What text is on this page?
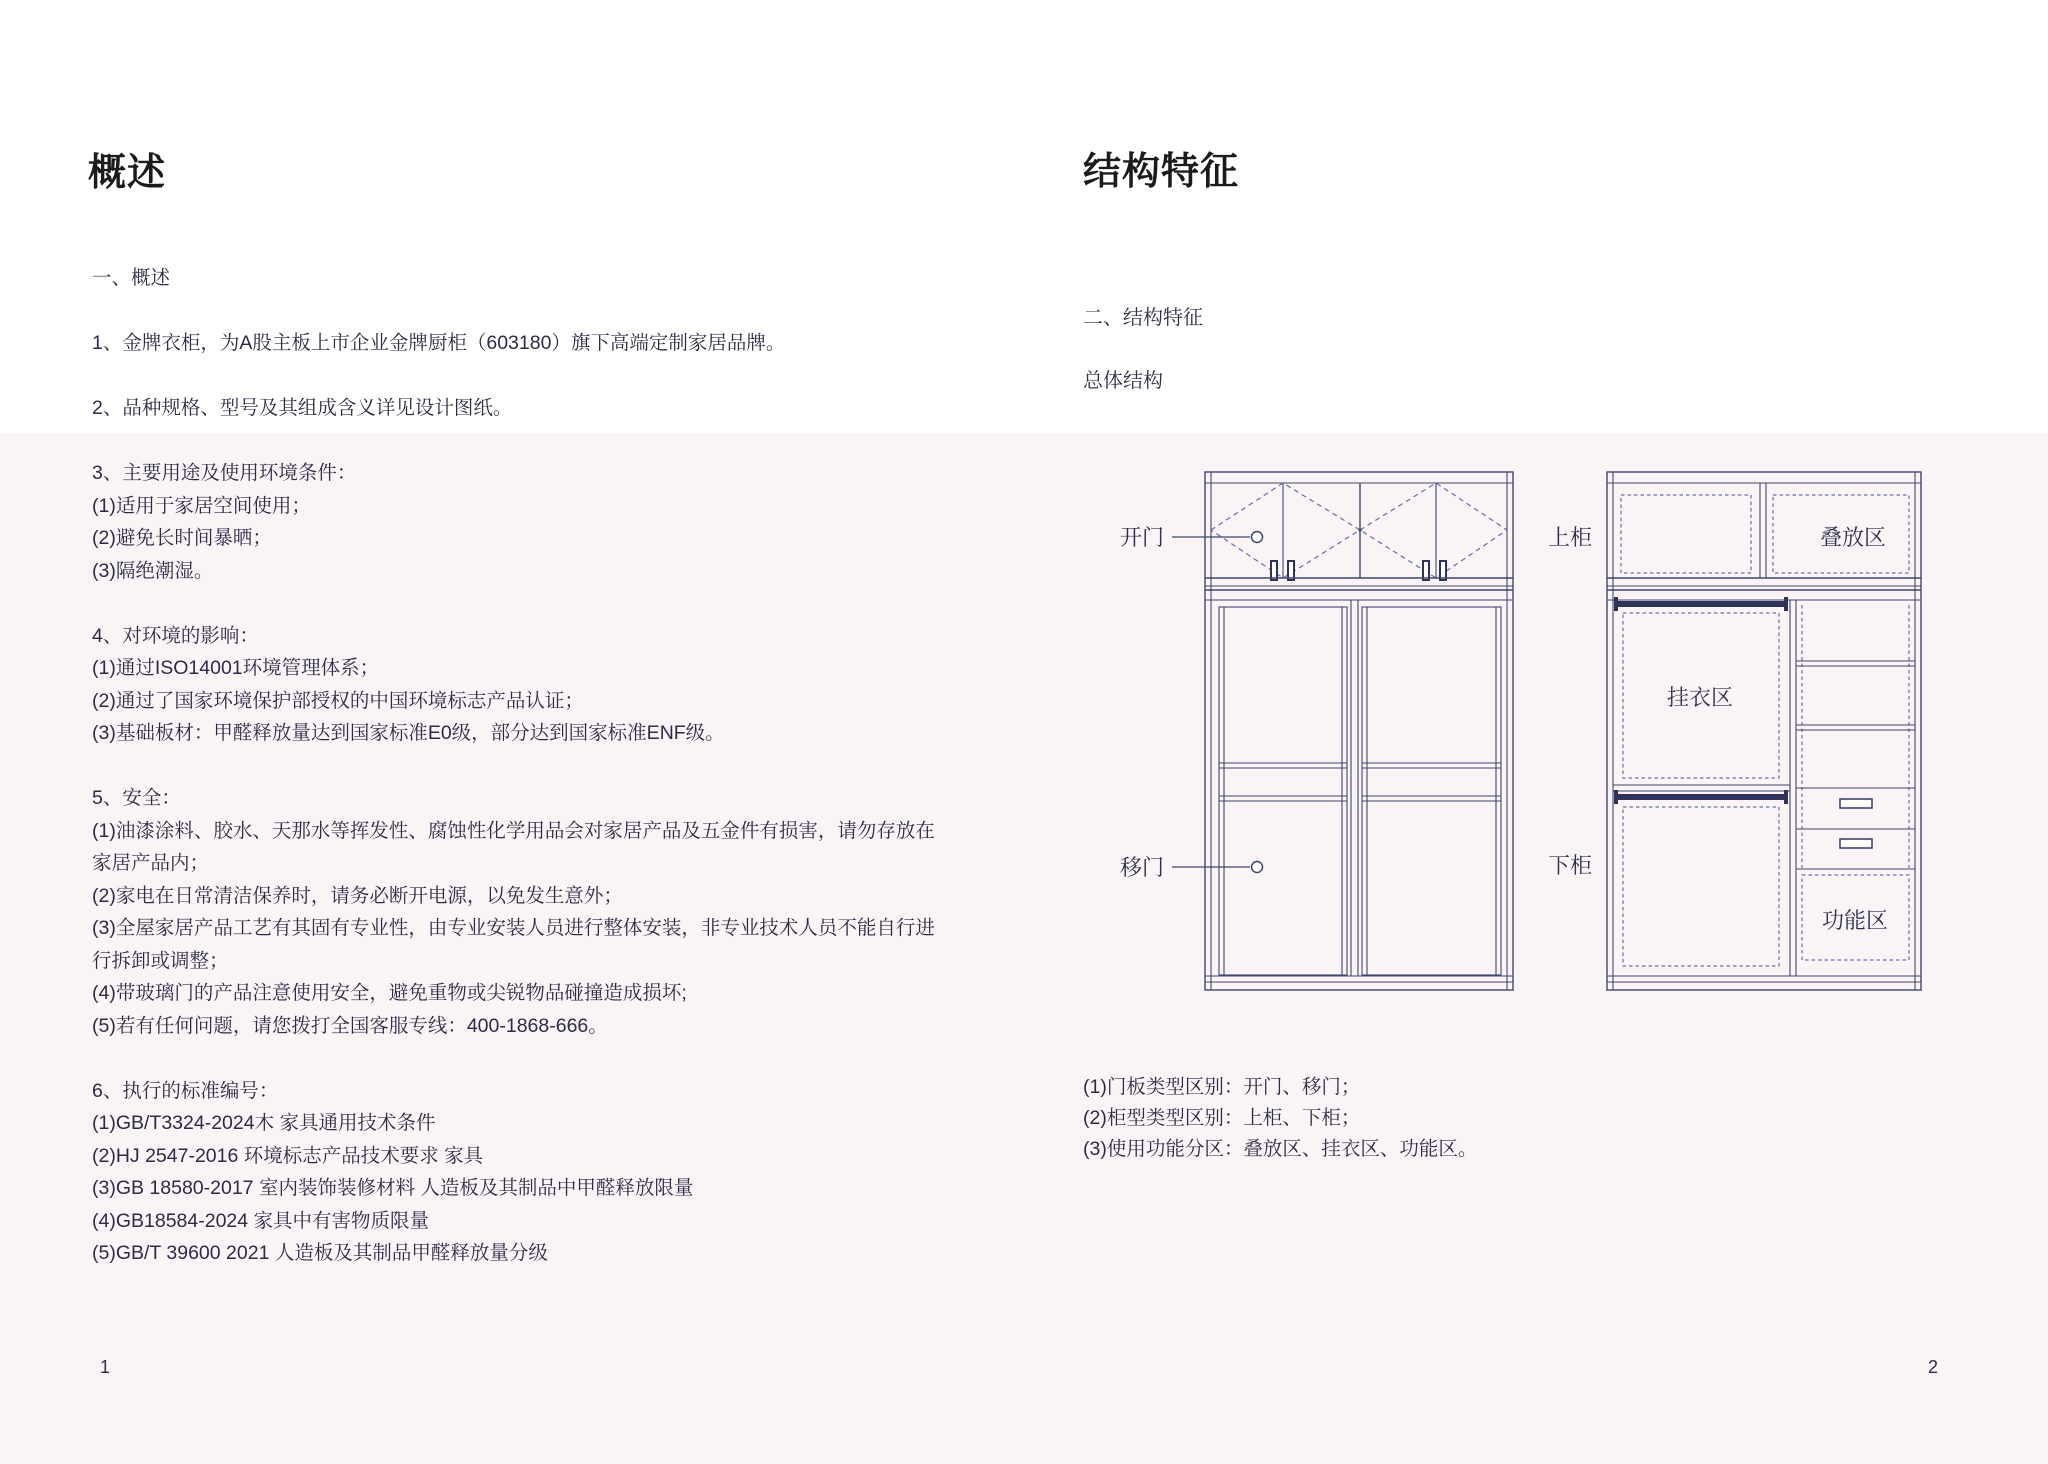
概述
一、概述
1、金牌衣柜，为A股主板上市企业金牌厨柜（603180）旗下高端定制家居品牌。
2、品种规格、型号及其组成含义详见设计图纸。
3、主要用途及使用环境条件：
(1)适用于家居空间使用；
(2)避免长时间暴晒；
(3)隔绝潮湿。
4、对环境的影响：
(1)通过ISO14001环境管理体系；
(2)通过了国家环境保护部授权的中国环境标志产品认证；
(3)基础板材：甲醛释放量达到国家标准E0级，部分达到国家标准ENF级。
5、安全：
(1)油漆涂料、胶水、天那水等挥发性、腐蚀性化学用品会对家居产品及五金件有损害，请勿存放在
家居产品内；
(2)家电在日常清洁保养时，请务必断开电源，以免发生意外；
(3)全屋家居产品工艺有其固有专业性，由专业安装人员进行整体安装，非专业技术人员不能自行进
行拆卸或调整；
(4)带玻璃门的产品注意使用安全，避免重物或尖锐物品碰撞造成损坏;
(5)若有任何问题，请您拨打全国客服专线：400-1868-666。
6、执行的标准编号：
(1)GB/T3324-2024木 家具通用技术条件
(2)HJ 2547-2016 环境标志产品技术要求 家具
(3)GB 18580-2017 室内装饰装修材料 人造板及其制品中甲醛释放限量
(4)GB18584-2024 家具中有害物质限量
(5)GB/T 39600 2021 人造板及其制品甲醛释放量分级
1
结构特征
二、结构特征
总体结构
开门
移门
上柜
下柜
叠放区
挂衣区
功能区
(1)门板类型区别：开门、移门；
(2)柜型类型区别：上柜、下柜；
(3)使用功能分区：叠放区、挂衣区、功能区。
2
